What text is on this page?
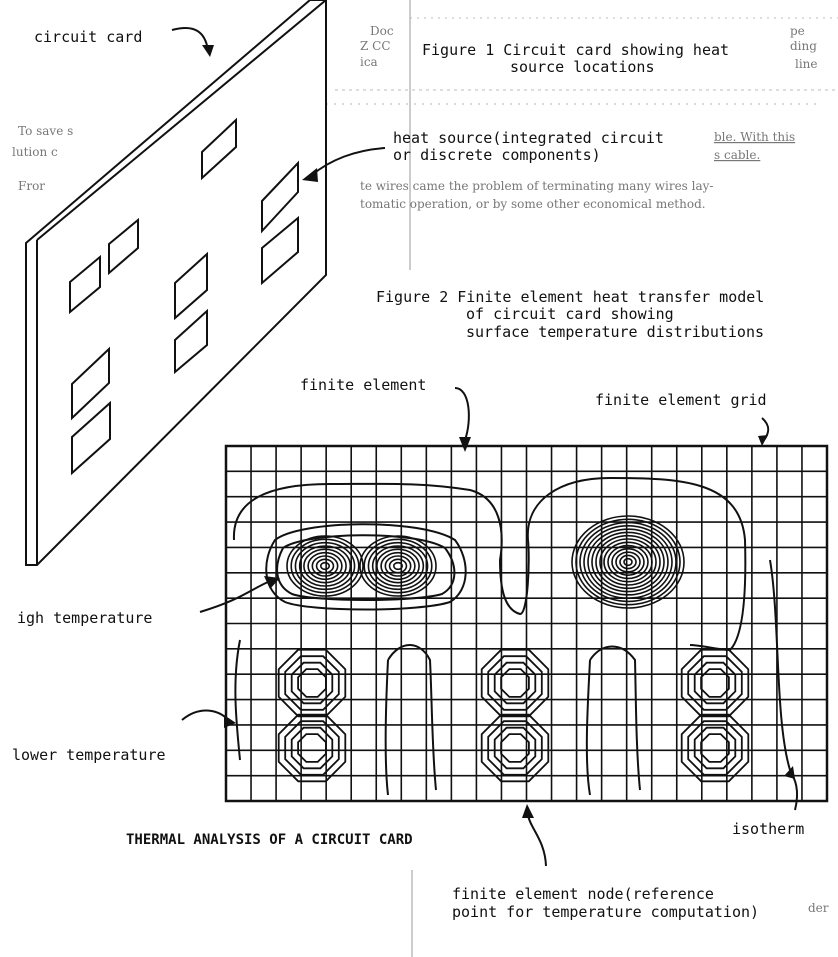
Doc
Z CC
ica
pe
ding
line
To save s
lution c
Fror
ble. With this
s cable.
te wires came the problem of terminating many wires lay-
tomatic operation, or by some other economical method.
der
circuit card
Figure 1 Circuit card showing heat
source locations
heat source(integrated circuit
or discrete components)
Figure 2 Finite element heat transfer model
of circuit card showing
surface temperature distributions
finite element
finite element grid
igh temperature
lower temperature
isotherm
THERMAL ANALYSIS OF A CIRCUIT CARD
finite element node(reference
point for temperature computation)
